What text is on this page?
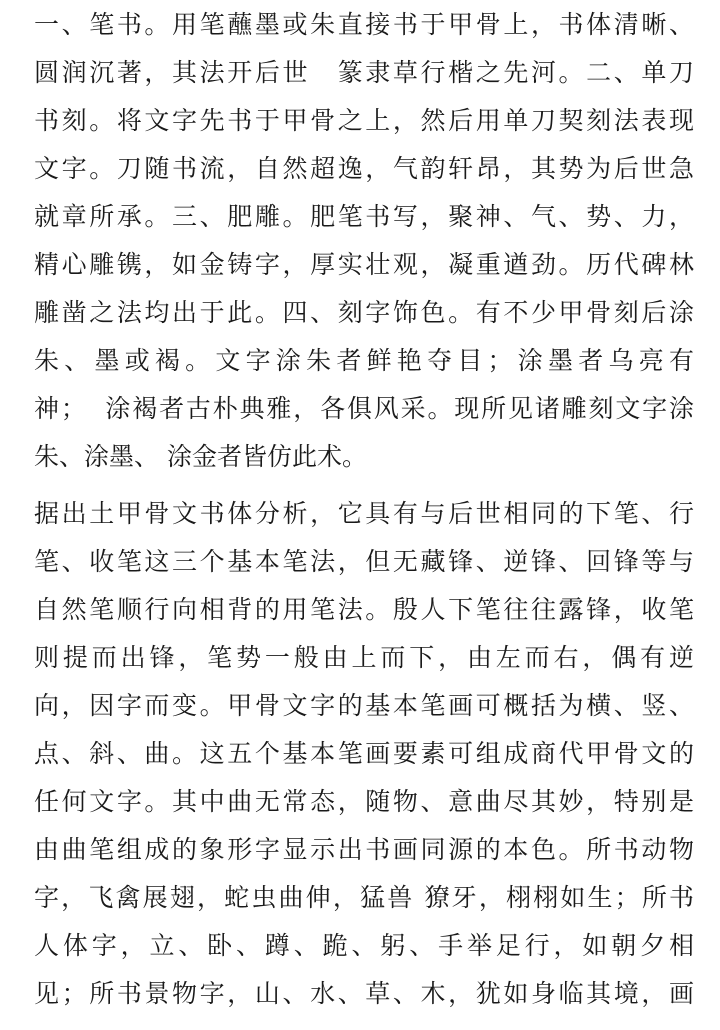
一、笔书。用笔蘸墨或朱直接书于甲骨上，书体清晰、
圆润沉著，其法开后世　篆隶草行楷之先河。二、单刀
书刻。将文字先书于甲骨之上，然后用单刀契刻法表现
文字。刀随书流，自然超逸，气韵轩昂，其势为后世急
就章所承。三、肥雕。肥笔书写，聚神、气、势、力，
精心雕镌，如金铸字，厚实壮观，凝重遒劲。历代碑林
雕凿之法均出于此。四、刻字饰色。有不少甲骨刻后涂
朱、墨或褐。文字涂朱者鲜艳夺目；涂墨者乌亮有
神；  涂褐者古朴典雅，各俱风采。现所见诸雕刻文字涂
朱、涂墨、 涂金者皆仿此术。
据出土甲骨文书体分析，它具有与后世相同的下笔、行
笔、收笔这三个基本笔法，但无藏锋、逆锋、回锋等与
自然笔顺行向相背的用笔法。殷人下笔往往露锋，收笔
则提而出锋，笔势一般由上而下，由左而右，偶有逆
向，因字而变。甲骨文字的基本笔画可概括为横、竖、
点、斜、曲。这五个基本笔画要素可组成商代甲骨文的
任何文字。其中曲无常态，随物、意曲尽其妙，特别是
由曲笔组成的象形字显示出书画同源的本色。所书动物
字，飞禽展翅，蛇虫曲伸，猛兽 獠牙，栩栩如生；所书
人体字，立、卧、蹲、跪、躬、手举足行，如朝夕相
见；所书景物字，山、水、草、木，犹如身临其境，画
